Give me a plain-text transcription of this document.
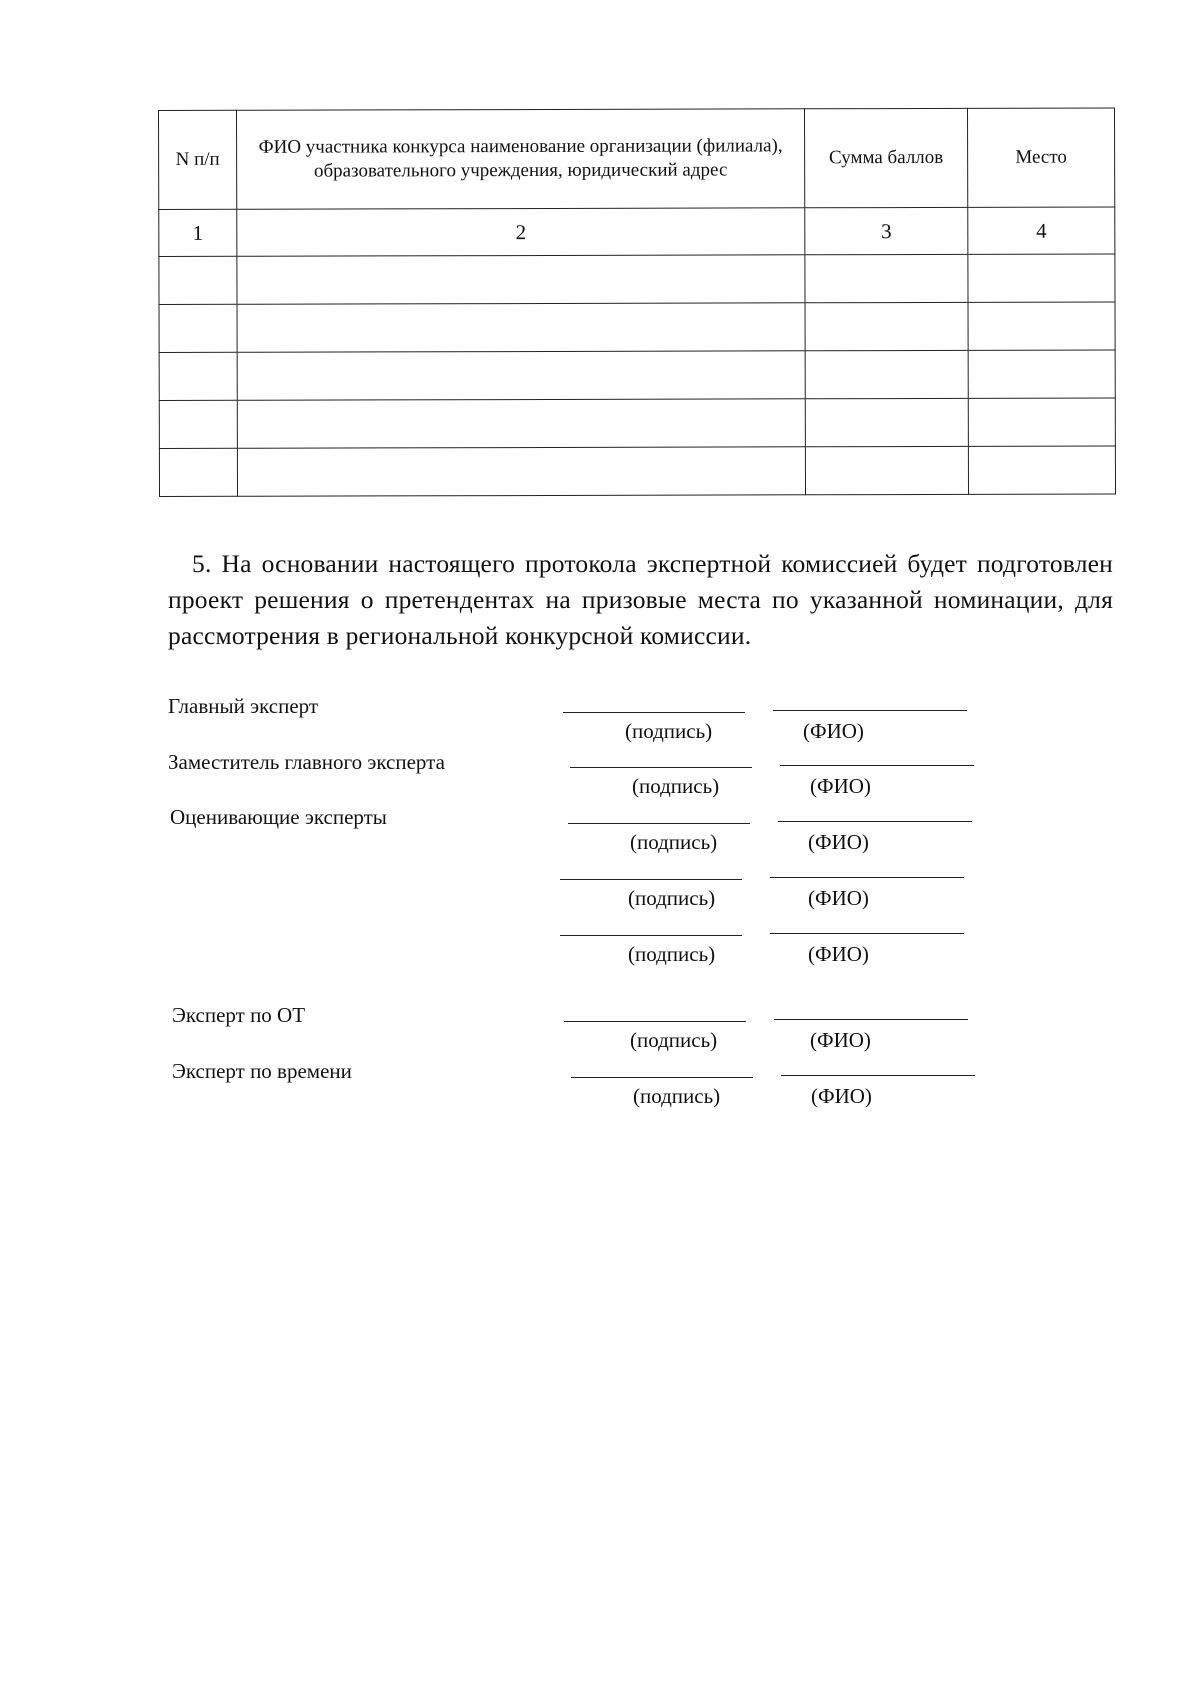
N п/п	ФИО участника конкурса наименование организации (филиала), образовательного учреждения, юридический адрес	Сумма баллов	Место
1	2	3	4

5. На основании настоящего протокола экспертной комиссией будет подготовлен проект решения о претендентах на призовые места по указанной номинации, для рассмотрения в региональной конкурсной комиссии.

Главный эксперт
(подпись)	(ФИО)
Заместитель главного эксперта
(подпись)	(ФИО)
Оценивающие эксперты
(подпись)	(ФИО)
(подпись)	(ФИО)
(подпись)	(ФИО)
Эксперт по ОТ
(подпись)	(ФИО)
Эксперт по времени
(подпись)	(ФИО)
